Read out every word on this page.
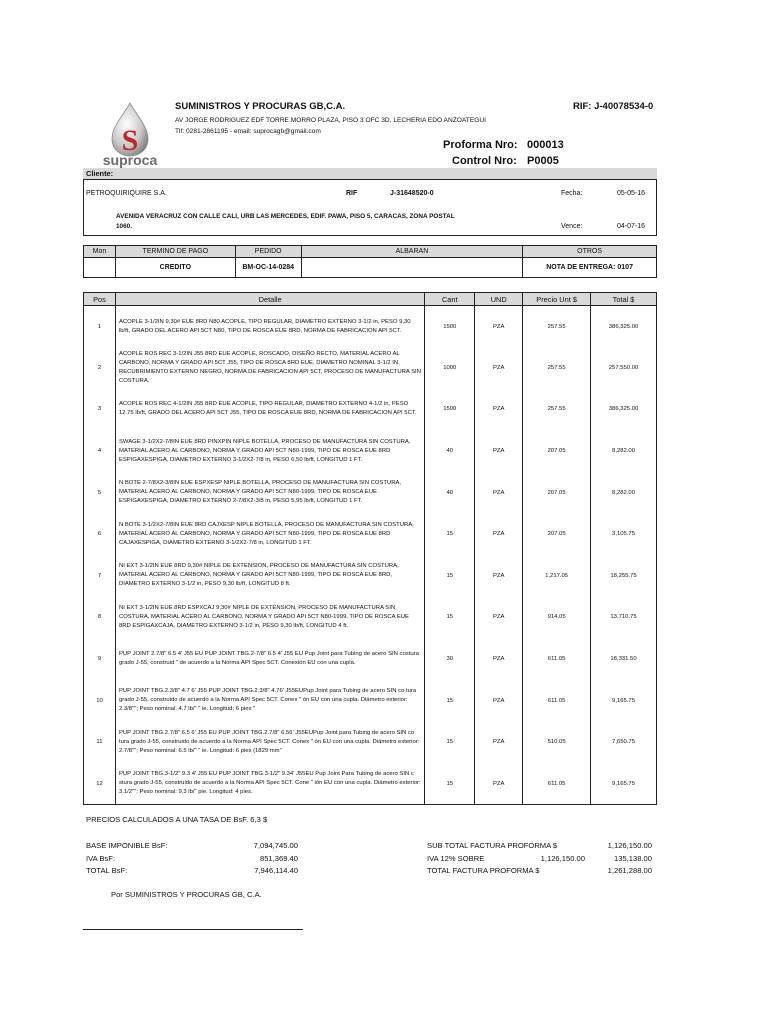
S
suproca
SUMINISTROS Y PROCURAS GB,C.A.	RIF: J-40078534-0
AV JORGE RODRIGUEZ EDF TORRE MORRO PLAZA, PISO 3 OFC 3D, LECHERIA EDO ANZOATEGUI
Tlf: 0281-2861195 - email: suprocagb@gmail.com
Proforma Nro: 000013
Control Nro: P0005
Cliente:
PETROQUIRIQUIRE S.A.	RIF	J-31648520-0	Fecha:	05-05-16
AVENIDA VERACRUZ CON CALLE CALI, URB LAS MERCEDES, EDIF. PAWA, PISO 5, CARACAS, ZONA POSTAL 1060.	Vence:	04-07-16
Mon	TERMINO DE PAGO	PEDIDO	ALBARAN	OTROS
	CREDITO	BM-OC-14-0284		NOTA DE ENTREGA: 0107
Pos	Detalle	Cant	UND	Precio Unt $	Total $
1	ACOPLE 3-1/2IN 9,30# EUE 8RD N80 ACOPLE, TIPO REGULAR, DIAMETRO EXTERNO 3-1/2 in, PESO 9,30 lb/ft, GRADO DEL ACERO API 5CT N80, TIPO DE ROSCA EUE 8RD, NORMA DE FABRICACION API 5CT.	1500	PZA	257.55	386,325.00
2	ACOPLE ROS REC 3-1/2IN J55 8RD EUE ACOPLE, ROSCADO, DISEÑO RECTO, MATERIAL ACERO AL CARBONO, NORMA Y GRADO API 5CT J55, TIPO DE ROSCA 8RD EUE, DIAMETRO NOMINAL 3-1/2 IN, RECUBRIMIENTO EXTERNO NEGRO, NORMA DE FABRICACION API 5CT, PROCESO DE MANUFACTURA SIN COSTURA.	1000	PZA	257.55	257,550.00
3	ACOPLE ROS REC 4-1/2IN J55 8RD EUE ACOPLE, TIPO REGULAR, DIAMETRO EXTERNO 4-1/2 in, PESO 12.75 lb/ft, GRADO DEL ACERO API 5CT J55, TIPO DE ROSCA EUE 8RD, NORMA DE FABRICACION API 5CT.	1500	PZA	257.55	386,325.00
4	SWAGE 3-1/2X2-7/8IN EUE 8RD PINXPIN NIPLE BOTELLA, PROCESO DE MANUFACTURA SIN COSTURA, MATERIAL ACERO AL CARBONO, NORMA Y GRADO API 5CT N80-1999, TIPO DE ROSCA EUE 8RD ESPIGAXESPIGA, DIAMETRO EXTERNO 3-1/2X2-7/8 in, PESO 6,50 lb/ft, LONGITUD 1 FT.	40	PZA	207.05	8,282.00
5	N BOTE 2-7/8X2-3/8IN EUE ESPXESP NIPLE BOTELLA, PROCESO DE MANUFACTURA SIN COSTURA, MATERIAL ACERO AL CARBONO, NORMA Y GRADO API 5CT N80-1999, TIPO DE ROSCA EUE ESPIGAXESPIGA, DIAMETRO EXTERNO 2-7/8X2-3/8 in, PESO 5,95 lb/ft, LONGITUD 1 FT.	40	PZA	207.05	8,282.00
6	N BOTE 3-1/2X2-7/8IN EUE 8RD CAJXESP NIPLE BOTELLA, PROCESO DE MANUFACTURA SIN COSTURA, MATERIAL ACERO AL CARBONO, NORMA Y GRADO API 5CT N80-1999, TIPO DE ROSCA EUE 8RD CAJAXESPIGA, DIAMETRO EXTERNO 3-1/2X2-7/8 in, LONGITUD 1 FT.	15	PZA	207.05	3,105.75
7	NI EXT 3-1/2IN EUE 8RD 9,30# NIPLE DE EXTENSION, PROCESO DE MANUFACTURA SIN COSTURA, MATERIAL ACERO AL CARBONO, NORMA Y GRADO API 5CT N80-1999, TIPO DE ROSCA EUE 8RD, DIAMETRO EXTERNO 3-1/2 in, PESO 9,30 lb/ft, LONGITUD 8 ft.	15	PZA	1,217.05	18,255.75
8	NI EXT 3-1/2IN EUE 8RD ESPXCAJ 9,30# NIPLE DE EXTENSION, PROCESO DE MANUFACTURA SIN COSTURA, MATERIAL ACERO AL CARBONO, NORMA Y GRADO API 5CT N80-1999, TIPO DE ROSCA EUE 8RD ESPIGAXCAJA, DIAMETRO EXTERNO 3-1/2 in, PESO 9,30 lb/ft, LONGITUD 4 ft.	15	PZA	914.05	13,710.75
9	PUP JOINT 2.7/8" 6.5 4' J55 EU PUP JOINT TBG.2-7/8" 6.5 4' J55 EU Pup Joint para Tubing de acero SIN costura grado J-55, construid " de acuerdo a la Norma API Spec 5CT. Conexión EU con una cupla.	30	PZA	611.05	18,331.50
10	PUP JOINT TBG.2.3/8" 4.7 6' J55 PUP JOINT TBG.2.3/8" 4.76' J55EUPup Joint para Tubing de acero SIN co tura grado J-55, construido de acuerdo a la Norma API Spec 5CT. Conex " ón EU con una cupla. Diámetro exterior: 2.3/8""; Peso nominal: 4.7 lb/" " ie. Longitud: 6 pies "	15	PZA	611.05	9,165.75
11	PUP JOINT TBG.2.7/8" 6.5 6' J55 EU PUP JOINT TBG.2.7/8" 6.56' J55EUPup Joint para Tubing de acero SIN co tura grado J-55, construido de acuerdo a la Norma API Spec 5CT. Conex " ón EU con una cupla. Diámetro exterior: 2.7/8""; Peso nominal: 6.5 lb/" " ie. Longitud: 6 pies (1829 mm"	15	PZA	510.05	7,650.75
12	PUP JOINT TBG.3-1/2" 9.3 4' J55 EU PUP JOINT TBG.3-1/2" 9.34' J55EU Pup Joint Para Tubing de acero SIN c stura grado J-55, construido de acuerdo a la Norma API Spec 5CT. Cone " ión EU con una cupla. Diámetro exterior: 3.1/2""; Peso nominal: 9.3 lb/" pie. Longitud: 4 pies.	15	PZA	611.05	9,165.75
PRECIOS CALCULADOS A UNA TASA DE BsF. 6,3 $
BASE IMPONIBLE BsF:	7,094,745.00
IVA BsF:	851,369.40
TOTAL BsF:	7,946,114.40
SUB TOTAL FACTURA PROFORMA $	1,126,150.00
IVA 12% SOBRE	1,126,150.00	135,138.00
TOTAL FACTURA PROFORMA $	1,261,288.00
Por SUMINISTROS Y PROCURAS GB, C.A.
